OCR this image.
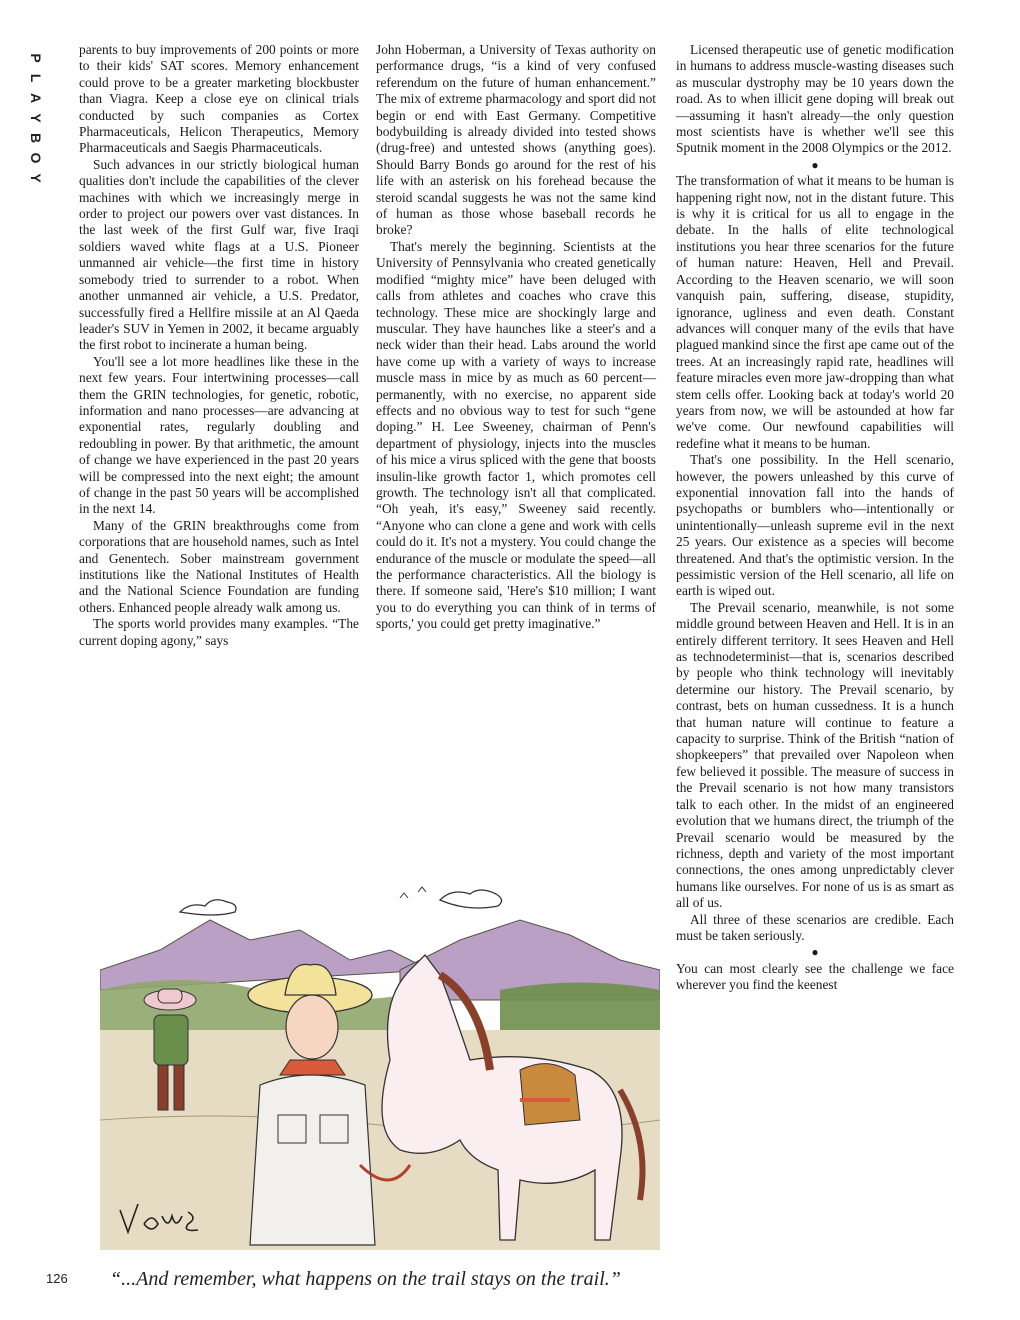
P
L
A
Y
B
O
Y

parents to buy improvements of 200 points or more to their kids' SAT scores. Memory enhancement could prove to be a greater marketing blockbuster than Viagra. Keep a close eye on clinical trials conducted by such companies as Cortex Pharmaceuticals, Helicon Therapeutics, Memory Pharmaceuticals and Saegis Pharmaceuticals.

Such advances in our strictly biological human qualities don't include the capabilities of the clever machines with which we increasingly merge in order to project our powers over vast distances. In the last week of the first Gulf war, five Iraqi soldiers waved white flags at a U.S. Pioneer unmanned air vehicle—the first time in history somebody tried to surrender to a robot. When another unmanned air vehicle, a U.S. Predator, successfully fired a Hellfire missile at an Al Qaeda leader's SUV in Yemen in 2002, it became arguably the first robot to incinerate a human being.

You'll see a lot more headlines like these in the next few years. Four intertwining processes—call them the GRIN technologies, for genetic, robotic, information and nano processes—are advancing at exponential rates, regularly doubling and redoubling in power. By that arithmetic, the amount of change we have experienced in the past 20 years will be compressed into the next eight; the amount of change in the past 50 years will be accomplished in the next 14.

Many of the GRIN breakthroughs come from corporations that are household names, such as Intel and Genentech. Sober mainstream government institutions like the National Institutes of Health and the National Science Foundation are funding others. Enhanced people already walk among us.

The sports world provides many examples. “The current doping agony,” says

John Hoberman, a University of Texas authority on performance drugs, “is a kind of very confused referendum on the future of human enhancement.” The mix of extreme pharmacology and sport did not begin or end with East Germany. Competitive bodybuilding is already divided into tested shows (drug-free) and untested shows (anything goes). Should Barry Bonds go around for the rest of his life with an asterisk on his forehead because the steroid scandal suggests he was not the same kind of human as those whose baseball records he broke?

That's merely the beginning. Scientists at the University of Pennsylvania who created genetically modified “mighty mice” have been deluged with calls from athletes and coaches who crave this technology. These mice are shockingly large and muscular. They have haunches like a steer's and a neck wider than their head. Labs around the world have come up with a variety of ways to increase muscle mass in mice by as much as 60 percent—permanently, with no exercise, no apparent side effects and no obvious way to test for such “gene doping.” H. Lee Sweeney, chairman of Penn's department of physiology, injects into the muscles of his mice a virus spliced with the gene that boosts insulin-like growth factor 1, which promotes cell growth. The technology isn't all that complicated. “Oh yeah, it's easy,” Sweeney said recently. “Anyone who can clone a gene and work with cells could do it. It's not a mystery. You could change the endurance of the muscle or modulate the speed—all the performance characteristics. All the biology is there. If someone said, 'Here's $10 million; I want you to do everything you can think of in terms of sports,' you could get pretty imaginative.”

Licensed therapeutic use of genetic modification in humans to address muscle-wasting diseases such as muscular dystrophy may be 10 years down the road. As to when illicit gene doping will break out—assuming it hasn't already—the only question most scientists have is whether we'll see this Sputnik moment in the 2008 Olympics or the 2012.

●

The transformation of what it means to be human is happening right now, not in the distant future. This is why it is critical for us all to engage in the debate. In the halls of elite technological institutions you hear three scenarios for the future of human nature: Heaven, Hell and Prevail. According to the Heaven scenario, we will soon vanquish pain, suffering, disease, stupidity, ignorance, ugliness and even death. Constant advances will conquer many of the evils that have plagued mankind since the first ape came out of the trees. At an increasingly rapid rate, headlines will feature miracles even more jaw-dropping than what stem cells offer. Looking back at today's world 20 years from now, we will be astounded at how far we've come. Our newfound capabilities will redefine what it means to be human.

That's one possibility. In the Hell scenario, however, the powers unleashed by this curve of exponential innovation fall into the hands of psychopaths or bumblers who—intentionally or unintentionally—unleash supreme evil in the next 25 years. Our existence as a species will become threatened. And that's the optimistic version. In the pessimistic version of the Hell scenario, all life on earth is wiped out.

The Prevail scenario, meanwhile, is not some middle ground between Heaven and Hell. It is in an entirely different territory. It sees Heaven and Hell as technodeterminist—that is, scenarios described by people who think technology will inevitably determine our history. The Prevail scenario, by contrast, bets on human cussedness. It is a hunch that human nature will continue to feature a capacity to surprise. Think of the British “nation of shopkeepers” that prevailed over Napoleon when few believed it possible. The measure of success in the Prevail scenario is not how many transistors talk to each other. In the midst of an engineered evolution that we humans direct, the triumph of the Prevail scenario would be measured by the richness, depth and variety of the most important connections, the ones among unpredictably clever humans like ourselves. For none of us is as smart as all of us.

All three of these scenarios are credible. Each must be taken seriously.

●

You can most clearly see the challenge we face wherever you find the keenest

126 “...And remember, what happens on the trail stays on the trail.”
